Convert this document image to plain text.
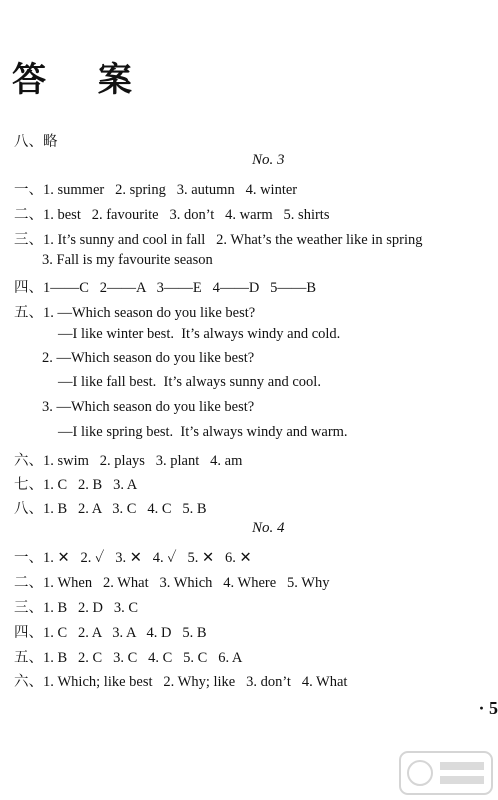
答 案
八、略
No. 3
一、1. summer   2. spring   3. autumn   4. winter
二、1. best   2. favourite   3. don’t   4. warm   5. shirts
三、1. It’s sunny and cool in fall   2. What’s the weather like in spring
3. Fall is my favourite season
四、1——C   2——A   3——E   4——D   5——B
五、1. —Which season do you like best?
—I like winter best.  It’s always windy and cold.
2. —Which season do you like best?
—I like fall best.  It’s always sunny and cool.
3. —Which season do you like best?
—I like spring best.  It’s always windy and warm.
六、1. swim   2. plays   3. plant   4. am
七、1. C   2. B   3. A
八、1. B   2. A   3. C   4. C   5. B
No. 4
一、1. ✕   2. ✓   3. ✕   4. ✓   5. ✕   6. ✕
二、1. When   2. What   3. Which   4. Where   5. Why
三、1. B   2. D   3. C
四、1. C   2. A   3. A   4. D   5. B
五、1. B   2. C   3. C   4. C   5. C   6. A
六、1. Which; like best   2. Why; like   3. don’t   4. What
· 5
